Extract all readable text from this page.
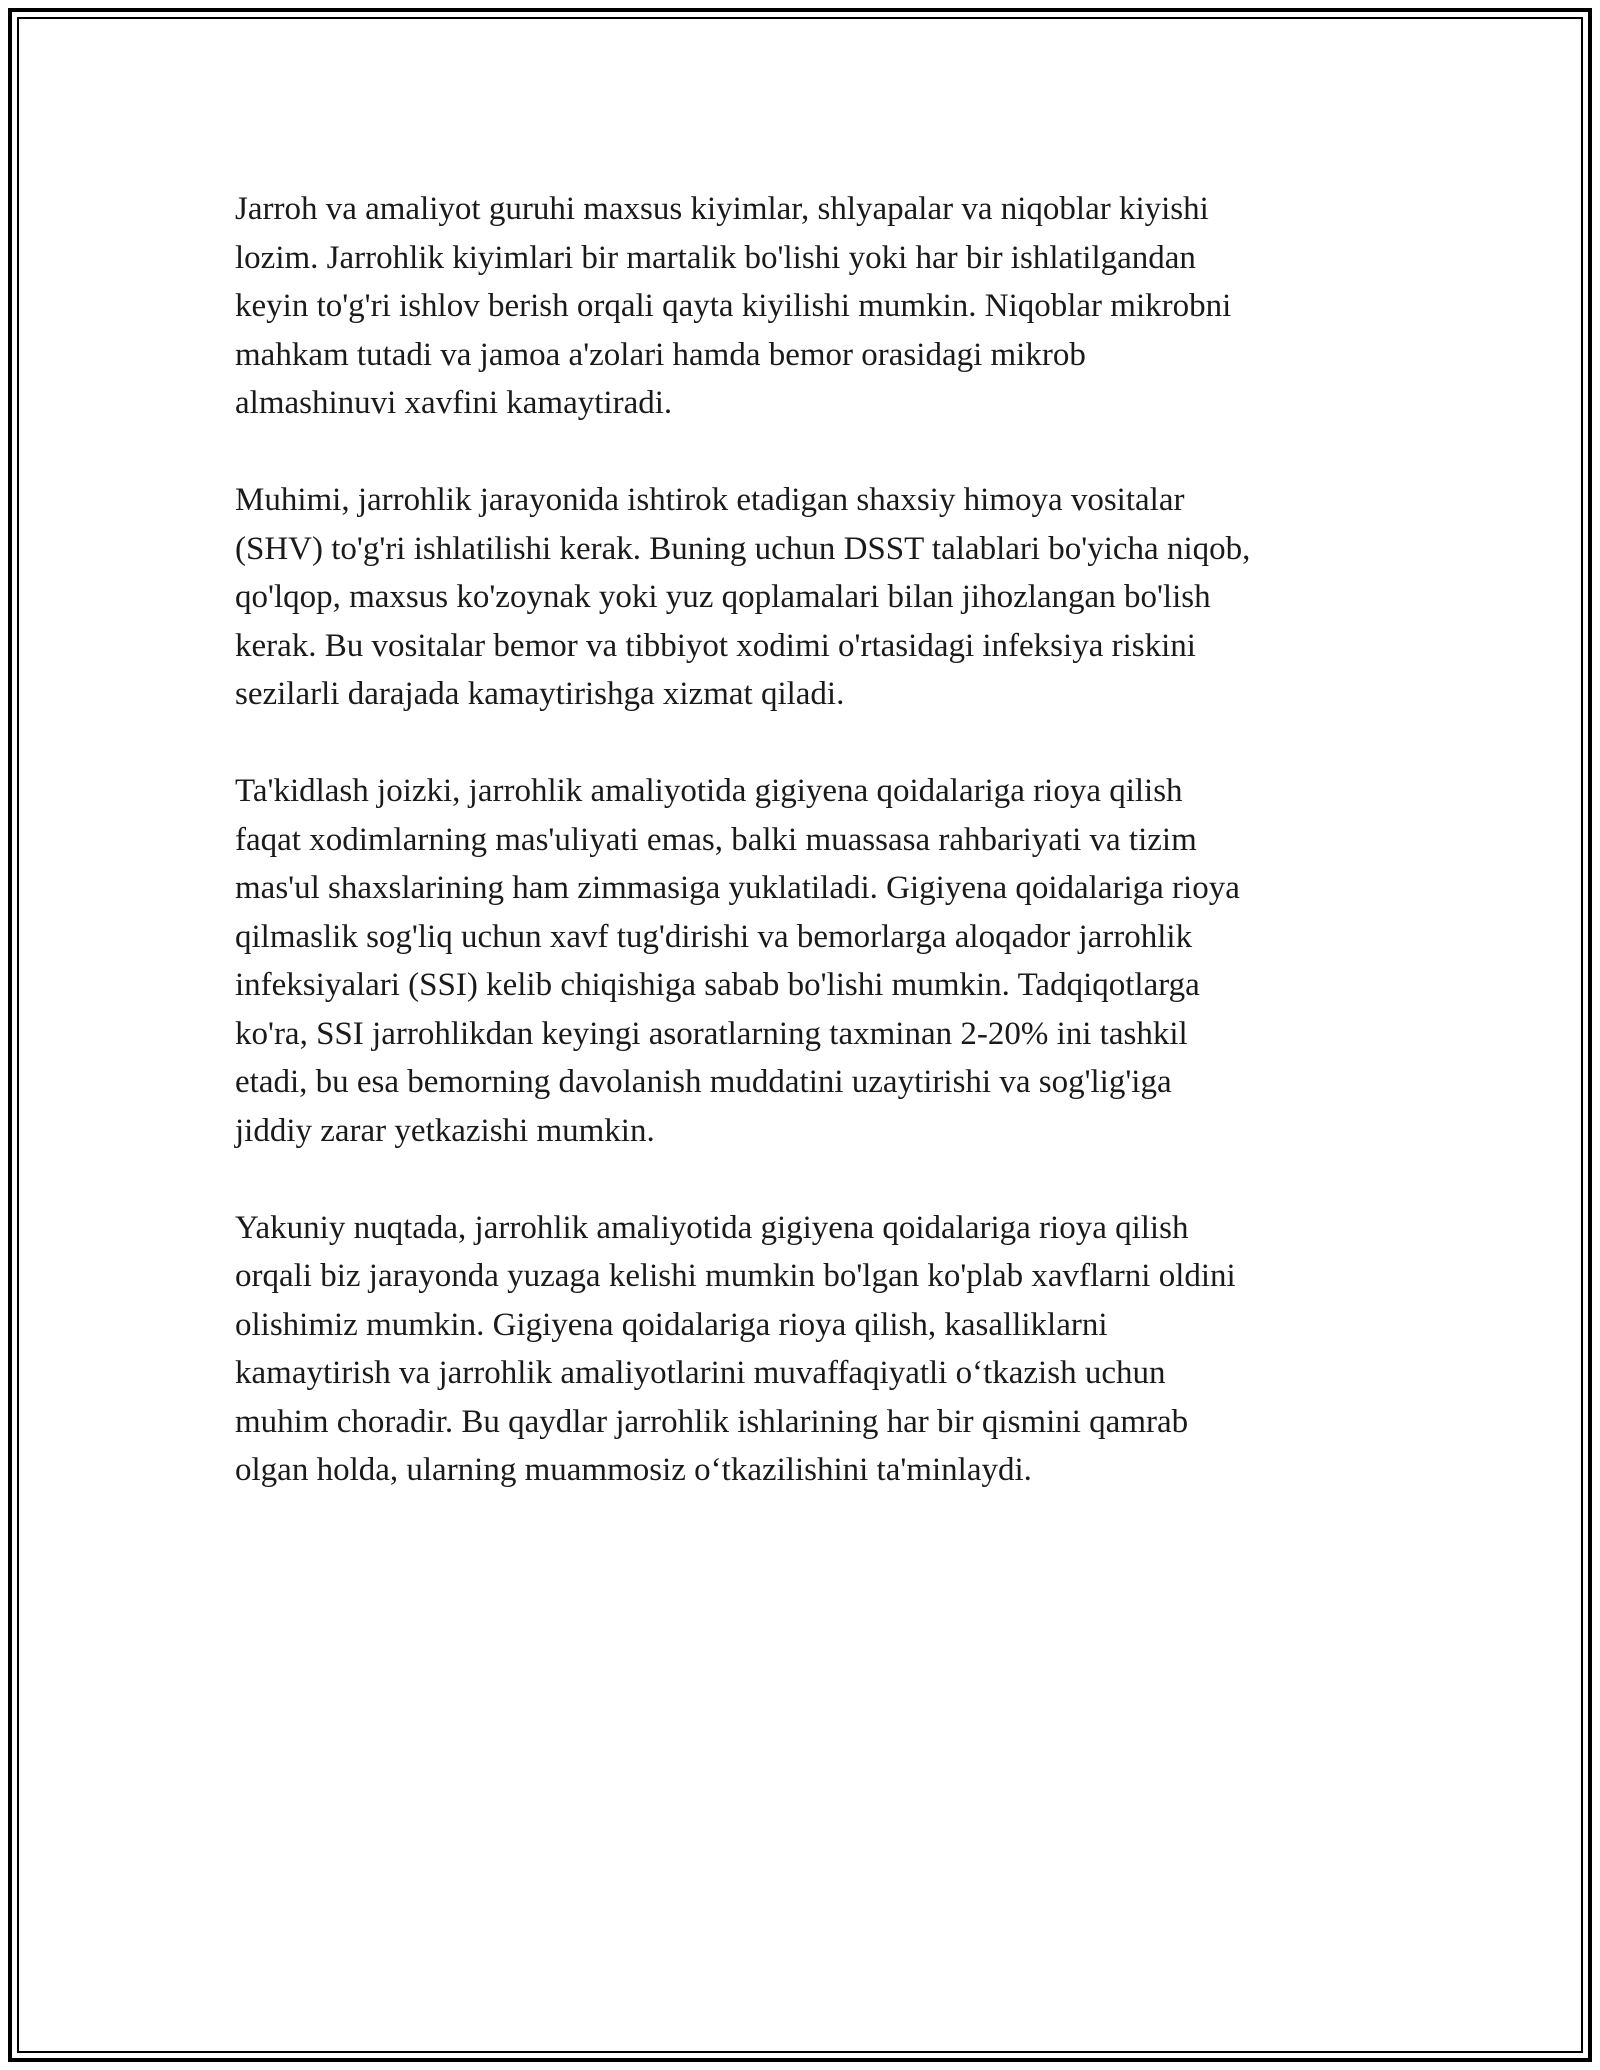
Jarroh va amaliyot guruhi maxsus kiyimlar, shlyapalar va niqoblar kiyishi
lozim. Jarrohlik kiyimlari bir martalik bo'lishi yoki har bir ishlatilgandan
keyin to'g'ri ishlov berish orqali qayta kiyilishi mumkin. Niqoblar mikrobni
mahkam tutadi va jamoa a'zolari hamda bemor orasidagi mikrob
almashinuvi xavfini kamaytiradi.

Muhimi, jarrohlik jarayonida ishtirok etadigan shaxsiy himoya vositalar
(SHV) to'g'ri ishlatilishi kerak. Buning uchun DSST talablari bo'yicha niqob,
qo'lqop, maxsus ko'zoynak yoki yuz qoplamalari bilan jihozlangan bo'lish
kerak. Bu vositalar bemor va tibbiyot xodimi o'rtasidagi infeksiya riskini
sezilarli darajada kamaytirishga xizmat qiladi.

Ta'kidlash joizki, jarrohlik amaliyotida gigiyena qoidalariga rioya qilish
faqat xodimlarning mas'uliyati emas, balki muassasa rahbariyati va tizim
mas'ul shaxslarining ham zimmasiga yuklatiladi. Gigiyena qoidalariga rioya
qilmaslik sog'liq uchun xavf tug'dirishi va bemorlarga aloqador jarrohlik
infeksiyalari (SSI) kelib chiqishiga sabab bo'lishi mumkin. Tadqiqotlarga
ko'ra, SSI jarrohlikdan keyingi asoratlarning taxminan 2-20% ini tashkil
etadi, bu esa bemorning davolanish muddatini uzaytirishi va sog'lig'iga
jiddiy zarar yetkazishi mumkin.

Yakuniy nuqtada, jarrohlik amaliyotida gigiyena qoidalariga rioya qilish
orqali biz jarayonda yuzaga kelishi mumkin bo'lgan ko'plab xavflarni oldini
olishimiz mumkin. Gigiyena qoidalariga rioya qilish, kasalliklarni
kamaytirish va jarrohlik amaliyotlarini muvaffaqiyatli o‘tkazish uchun
muhim choradir. Bu qaydlar jarrohlik ishlarining har bir qismini qamrab
olgan holda, ularning muammosiz o‘tkazilishini ta'minlaydi.
